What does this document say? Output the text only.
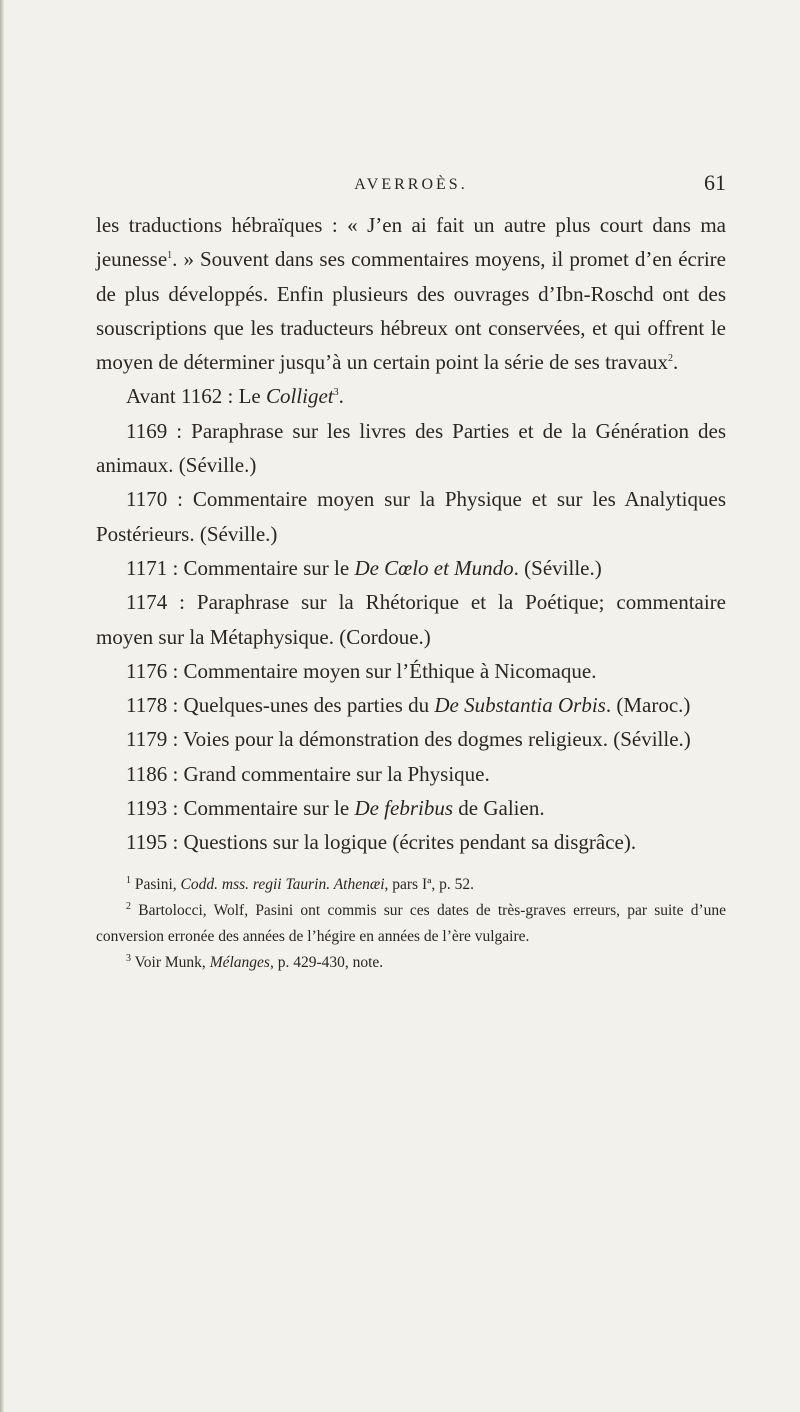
AVERROÈS.	61

les traductions hébraïques : « J’en ai fait un autre plus court dans ma jeunesse$^1$. » Souvent dans ses commentaires moyens, il promet d’en écrire de plus développés. Enfin plusieurs des ouvrages d’Ibn-Roschd ont des souscriptions que les traducteurs hébreux ont conservées, et qui offrent le moyen de déterminer jusqu’à un certain point la série de ses travaux$^2$.

Avant 1162 : Le Colliget$^3$.

1169 : Paraphrase sur les livres des Parties et de la Génération des animaux. (Séville.)

1170 : Commentaire moyen sur la Physique et sur les Analytiques Postérieurs. (Séville.)

1171 : Commentaire sur le De Cœlo et Mundo. (Séville.)

1174 : Paraphrase sur la Rhétorique et la Poétique; commentaire moyen sur la Métaphysique. (Cordoue.)

1176 : Commentaire moyen sur l’Éthique à Nicomaque.

1178 : Quelques-unes des parties du De Substantia Orbis. (Maroc.)

1179 : Voies pour la démonstration des dogmes religieux. (Séville.)

1186 : Grand commentaire sur la Physique.

1193 : Commentaire sur le De febribus de Galien.

1195 : Questions sur la logique (écrites pendant sa disgrâce).

$^1$ Pasini, Codd. mss. regii Taurin. Athenæi, pars Iª, p. 52.

$^2$ Bartolocci, Wolf, Pasini ont commis sur ces dates de très-graves erreurs, par suite d’une conversion erronée des années de l’hégire en années de l’ère vulgaire.

$^3$ Voir Munk, Mélanges, p. 429-430, note.
